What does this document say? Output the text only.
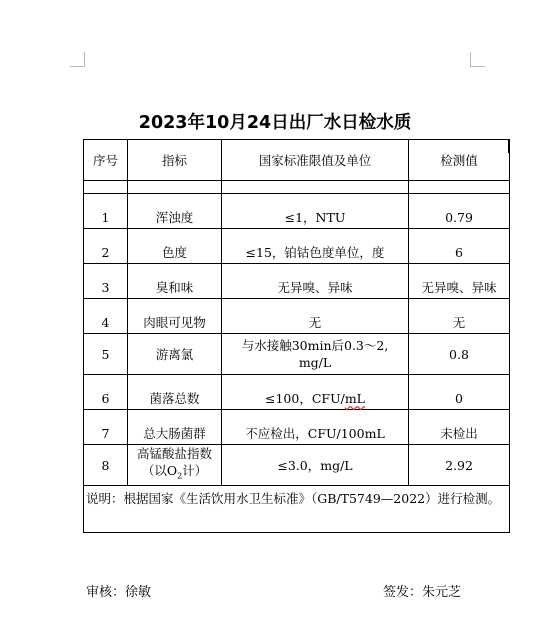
2023年10月24日出厂水日检水质
序号	指标	国家标准限值及单位	检测值

1	浑浊度	≤1，NTU	0.79
2	色度	≤15，铂钴色度单位，度	6
3	臭和味	无异嗅、异味	无异嗅、异味
4	肉眼可见物	无	无
5	游离氯	与水接触30min后0.3～2,
mg/L	0.8
6	菌落总数	≤100，CFU/mL	0
7	总大肠菌群	不应检出，CFU/100mL	未检出
8	高锰酸盐指数
（以$O_2$计）	≤3.0，mg/L	2.92
说明：根据国家《生活饮用水卫生标准》（GB/T5749—2022）进行检测。			
审核：徐敏	签发：朱元芝
